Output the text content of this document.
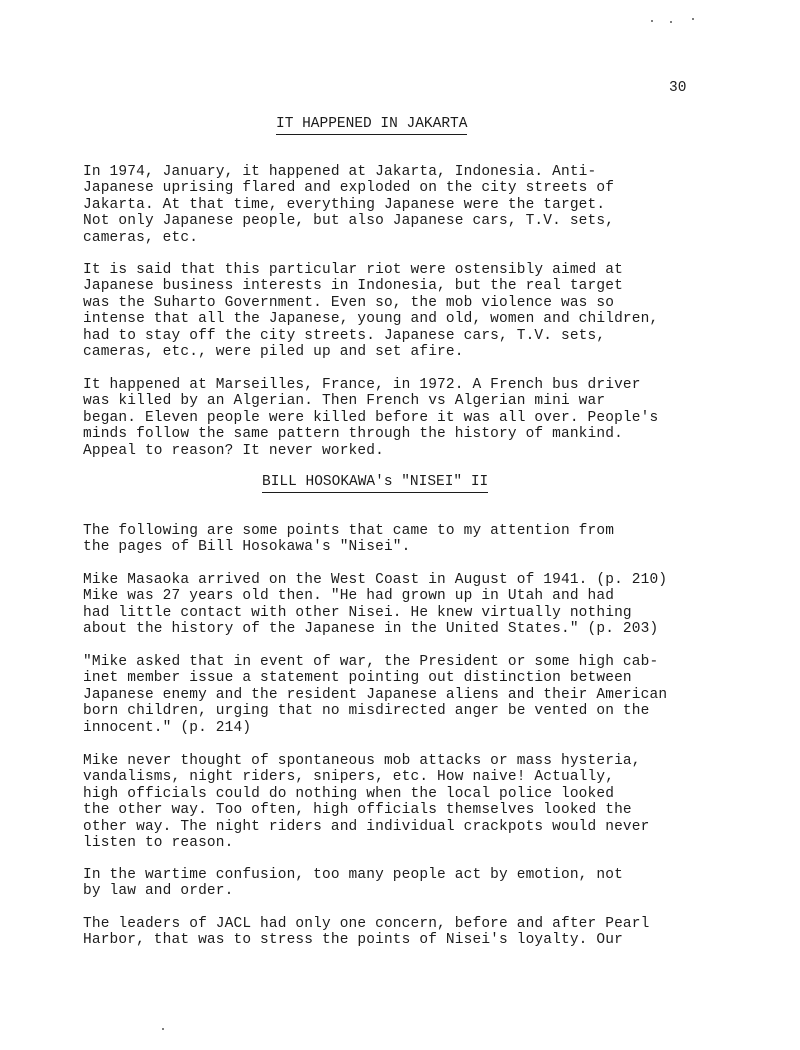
30
IT HAPPENED IN JAKARTA
In 1974, January, it happened at Jakarta, Indonesia. Anti-
Japanese uprising flared and exploded on the city streets of
Jakarta. At that time, everything Japanese were the target.
Not only Japanese people, but also Japanese cars, T.V. sets,
cameras, etc.
It is said that this particular riot were ostensibly aimed at
Japanese business interests in Indonesia, but the real target
was the Suharto Government. Even so, the mob violence was so
intense that all the Japanese, young and old, women and children,
had to stay off the city streets. Japanese cars, T.V. sets,
cameras, etc., were piled up and set afire.
It happened at Marseilles, France, in 1972. A French bus driver
was killed by an Algerian. Then French vs Algerian mini war
began. Eleven people were killed before it was all over. People's
minds follow the same pattern through the history of mankind.
Appeal to reason? It never worked.
BILL HOSOKAWA's "NISEI" II
The following are some points that came to my attention from
the pages of Bill Hosokawa's "Nisei".
Mike Masaoka arrived on the West Coast in August of 1941. (p. 210)
Mike was 27 years old then. "He had grown up in Utah and had
had little contact with other Nisei. He knew virtually nothing
about the history of the Japanese in the United States." (p. 203)
"Mike asked that in event of war, the President or some high cab-
inet member issue a statement pointing out distinction between
Japanese enemy and the resident Japanese aliens and their American
born children, urging that no misdirected anger be vented on the
innocent." (p. 214)
Mike never thought of spontaneous mob attacks or mass hysteria,
vandalisms, night riders, snipers, etc. How naive! Actually,
high officials could do nothing when the local police looked
the other way. Too often, high officials themselves looked the
other way. The night riders and individual crackpots would never
listen to reason.
In the wartime confusion, too many people act by emotion, not
by law and order.
The leaders of JACL had only one concern, before and after Pearl
Harbor, that was to stress the points of Nisei's loyalty. Our
